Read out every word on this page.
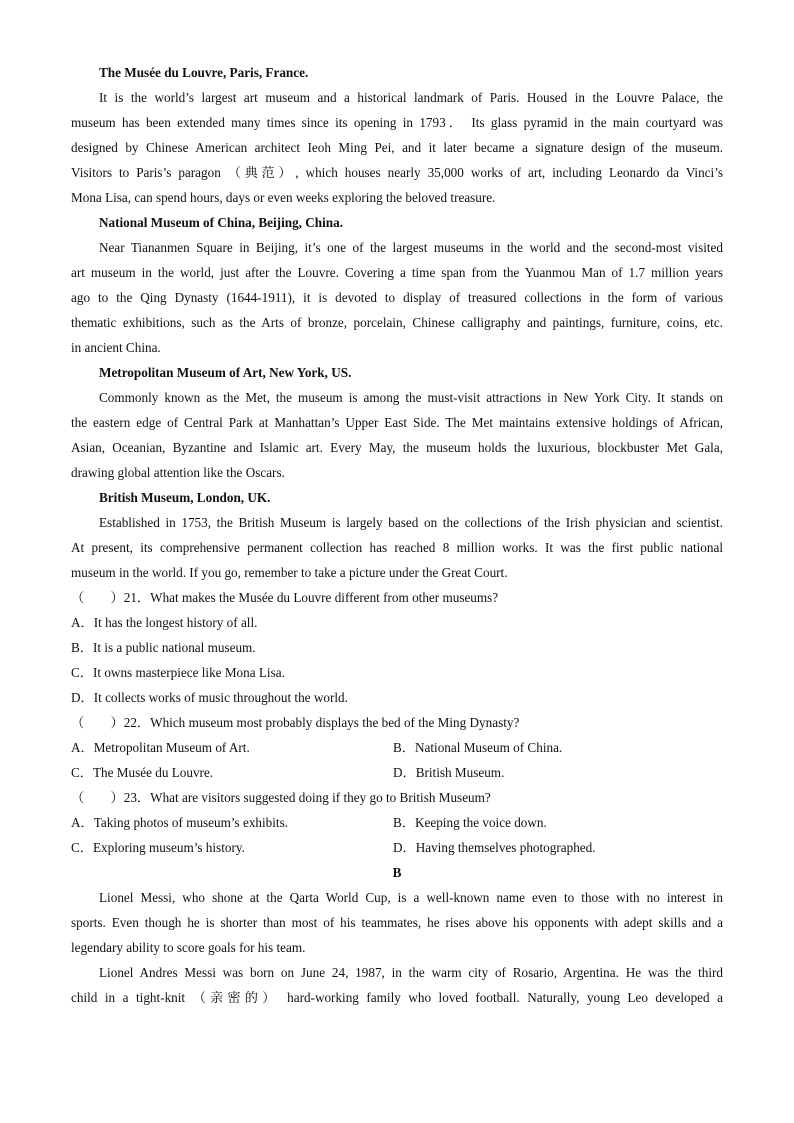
The Musée du Louvre, Paris, France.
It is the world’s largest art museum and a historical landmark of Paris. Housed in the Louvre Palace, the
museum has been extended many times since its opening in 1793． Its glass pyramid in the main courtyard was
designed by Chinese American architect Ieoh Ming Pei, and it later became a signature design of the museum.
Visitors to Paris’s paragon （典范）, which houses nearly 35,000 works of art, including Leonardo da Vinci’s
Mona Lisa, can spend hours, days or even weeks exploring the beloved treasure.
National Museum of China, Beijing, China.
Near Tiananmen Square in Beijing, it’s one of the largest museums in the world and the second-most visited
art museum in the world, just after the Louvre. Covering a time span from the Yuanmou Man of 1.7 million years
ago to the Qing Dynasty (1644-1911), it is devoted to display of treasured collections in the form of various
thematic exhibitions, such as the Arts of bronze, porcelain, Chinese calligraphy and paintings, furniture, coins, etc.
in ancient China.
Metropolitan Museum of Art, New York, US.
Commonly known as the Met, the museum is among the must-visit attractions in New York City. It stands on
the eastern edge of Central Park at Manhattan’s Upper East Side. The Met maintains extensive holdings of African,
Asian, Oceanian, Byzantine and Islamic art. Every May, the museum holds the luxurious, blockbuster Met Gala,
drawing global attention like the Oscars.
British Museum, London, UK.
Established in 1753, the British Museum is largely based on the collections of the Irish physician and scientist.
At present, its comprehensive permanent collection has reached 8 million works. It was the first public national
museum in the world. If you go, remember to take a picture under the Great Court.
（　　）21．What makes the Musée du Louvre different from other museums?
A．It has the longest history of all.
B．It is a public national museum.
C．It owns masterpiece like Mona Lisa.
D．It collects works of music throughout the world.
（　　）22．Which museum most probably displays the bed of the Ming Dynasty?
A．Metropolitan Museum of Art.	B．National Museum of China.
C．The Musée du Louvre.	D．British Museum.
（　　）23．What are visitors suggested doing if they go to British Museum?
A．Taking photos of museum’s exhibits.	B．Keeping the voice down.
C．Exploring museum’s history.	D．Having themselves photographed.
B
Lionel Messi, who shone at the Qarta World Cup, is a well-known name even to those with no interest in
sports. Even though he is shorter than most of his teammates, he rises above his opponents with adept skills and a
legendary ability to score goals for his team.
Lionel Andres Messi was born on June 24, 1987, in the warm city of Rosario, Argentina. He was the third
child in a tight-knit （亲密的） hard-working family who loved football. Naturally, young Leo developed a
